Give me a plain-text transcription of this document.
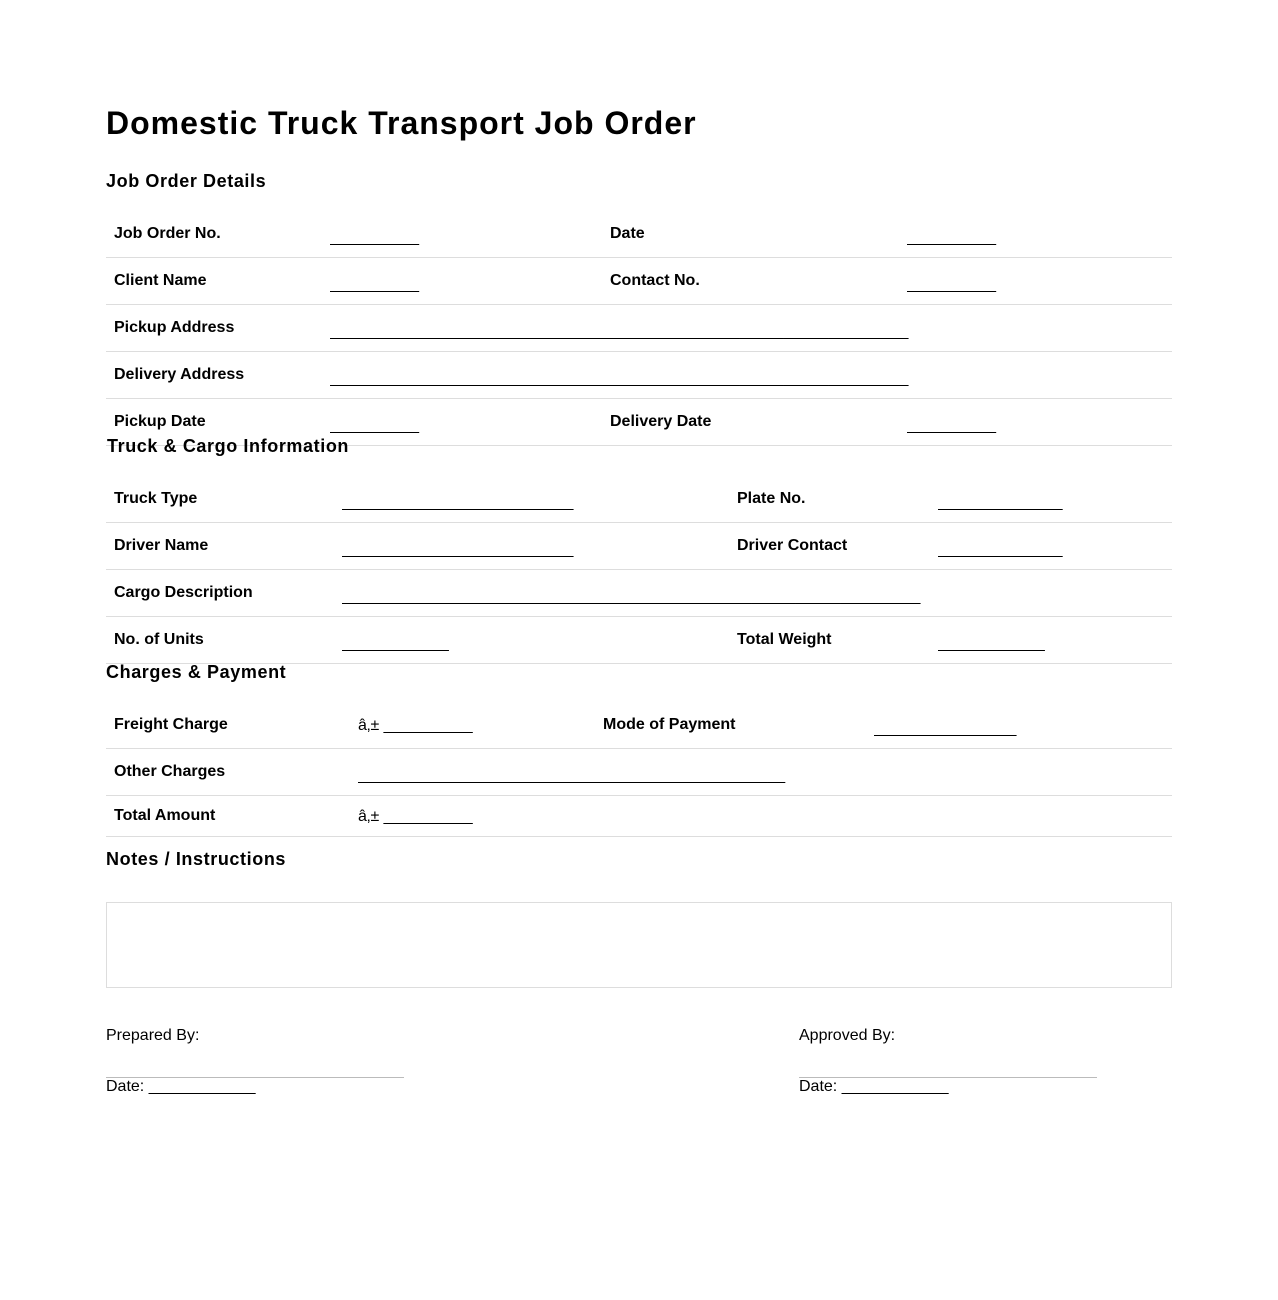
Domestic Truck Transport Job Order
Job Order Details
Job Order No.	__________	Date	__________
Client Name	__________	Contact No.	__________
Pickup Address	_________________________________________________________________		
Delivery Address	_________________________________________________________________		
Pickup Date	__________	Delivery Date	__________
Truck & Cargo Information
Truck Type	__________________________	Plate No.	______________
Driver Name	__________________________	Driver Contact	______________
Cargo Description	_________________________________________________________________		
No. of Units	____________	Total Weight	____________
Charges & Payment
Freight Charge	â‚± __________	Mode of Payment	________________
Other Charges	________________________________________________		
Total Amount	â‚± __________		
Notes / Instructions
Prepared By:
Date: ____________
Approved By:
Date: ____________
